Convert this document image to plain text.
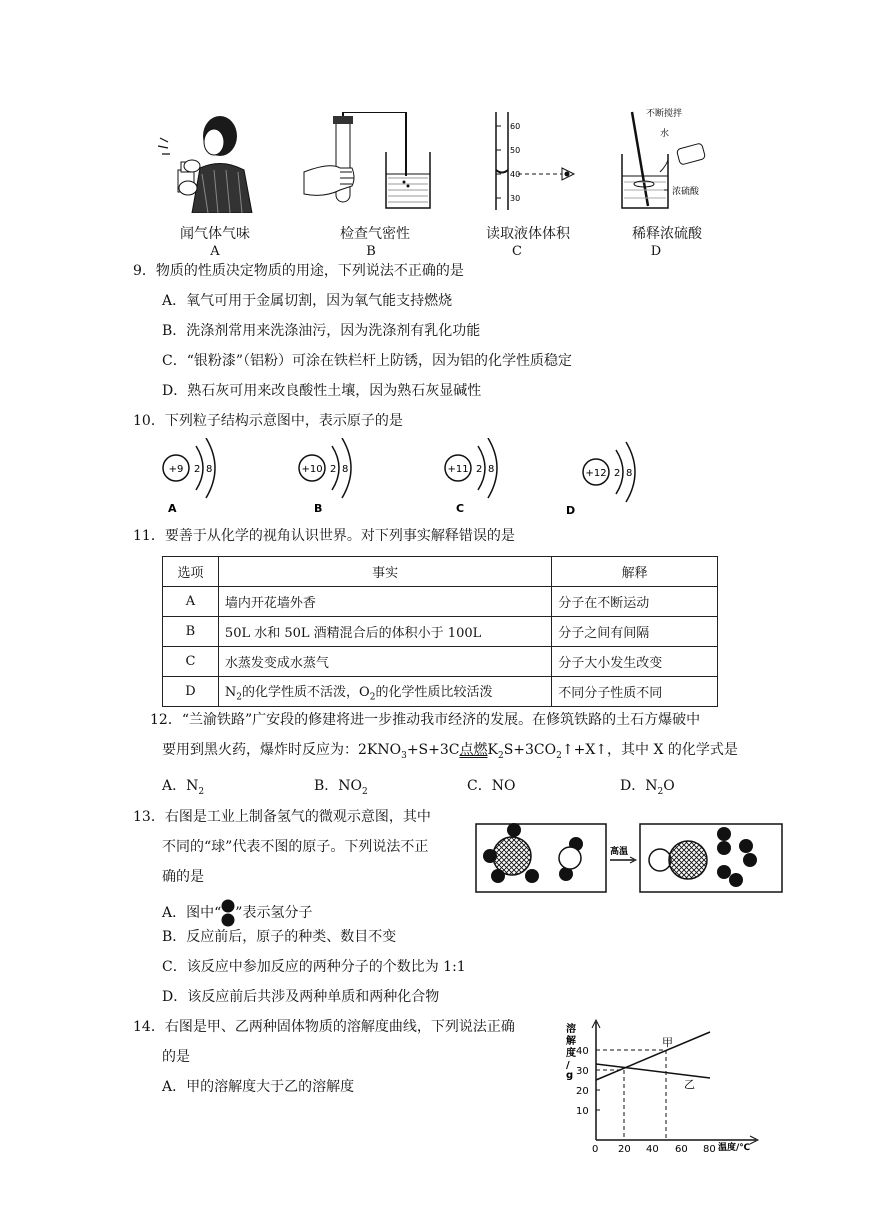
60
50
40
30
不断搅拌
水
浓硫酸
闻气体气味	检查气密性	读取液体体积	稀释浓硫酸
A	B	C	D
9．物质的性质决定物质的用途，下列说法不正确的是
A．氧气可用于金属切割，因为氧气能支持燃烧
B．洗涤剂常用来洗涤油污，因为洗涤剂有乳化功能
C．“银粉漆”（铝粉）可涂在铁栏杆上防锈，因为铝的化学性质稳定
D．熟石灰可用来改良酸性土壤，因为熟石灰显碱性
10．下列粒子结构示意图中，表示原子的是
+9 2 8
A
+10 2 8
B
+11 2 8
C
+12 2 8
D
11．要善于从化学的视角认识世界。对下列事实解释错误的是
选项	事实	解释
A	墙内开花墙外香	分子在不断运动
B	50L 水和 50L 酒精混合后的体积小于 100L	分子之间有间隔
C	水蒸发变成水蒸气	分子大小发生改变
D	$N_2$的化学性质不活泼，$O_2$的化学性质比较活泼	不同分子性质不同
12．“兰渝铁路”广安段的修建将进一步推动我市经济的发展。在修筑铁路的土石方爆破中
要用到黑火药，爆炸时反应为：$2KNO_3+S+3C$点燃$K_2S+3CO_2↑+X↑$，其中 X 的化学式是
A．$N_2$	B．$NO_2$	C．NO	D．$N_2O$
13．右图是工业上制备氢气的微观示意图，其中
不同的“球”代表不图的原子。下列说法不正
确的是
A．图中“ ”表示氢分子
B．反应前后，原子的种类、数目不变
C．该反应中参加反应的两种分子的个数比为 1:1
D．该反应前后共涉及两种单质和两种化合物
高温
14．右图是甲、乙两种固体物质的溶解度曲线，下列说法正确
的是
A．甲的溶解度大于乙的溶解度
溶
解
度
/
g
10
20
30
40
0 20 40 60 80 温度/℃
甲
乙
